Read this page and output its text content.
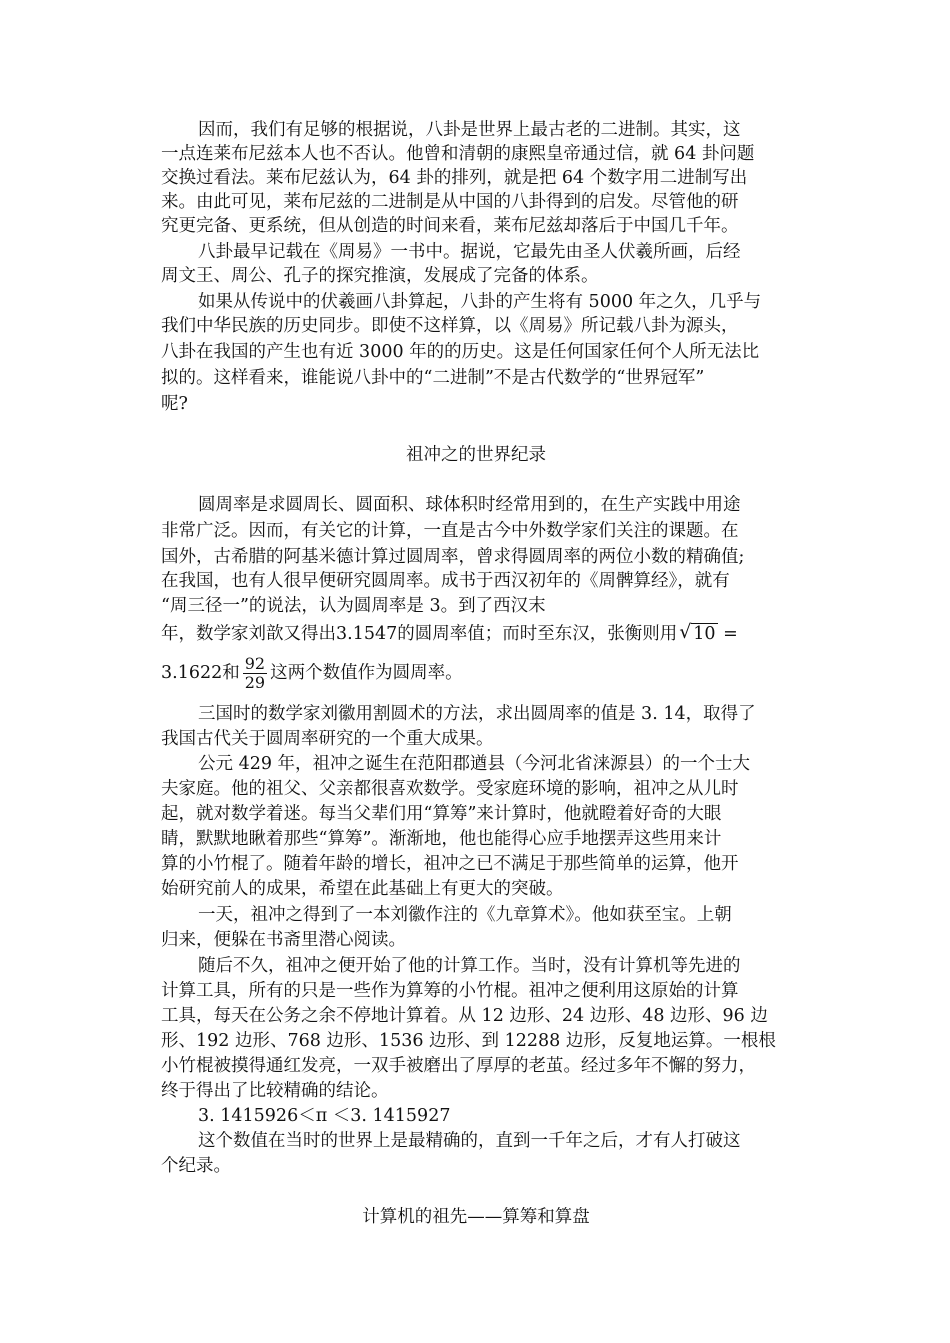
因而，我们有足够的根据说，八卦是世界上最古老的二进制。其实，这
一点连莱布尼兹本人也不否认。他曾和清朝的康熙皇帝通过信，就 64 卦问题
交换过看法。莱布尼兹认为，64 卦的排列，就是把 64 个数字用二进制写出
来。由此可见，莱布尼兹的二进制是从中国的八卦得到的启发。尽管他的研
究更完备、更系统，但从创造的时间来看，莱布尼兹却落后于中国几千年。
八卦最早记载在《周易》一书中。据说，它最先由圣人伏羲所画，后经
周文王、周公、孔子的探究推演，发展成了完备的体系。
如果从传说中的伏羲画八卦算起，八卦的产生将有 5000 年之久，几乎与
我们中华民族的历史同步。即使不这样算，以《周易》所记载八卦为源头，
八卦在我国的产生也有近 3000 年的的历史。这是任何国家任何个人所无法比
拟的。这样看来，谁能说八卦中的“二进制”不是古代数学的“世界冠军”
呢?
祖冲之的世界纪录
圆周率是求圆周长、圆面积、球体积时经常用到的，在生产实践中用途
非常广泛。因而，有关它的计算，一直是古今中外数学家们关注的课题。在
国外，古希腊的阿基米德计算过圆周率，曾求得圆周率的两位小数的精确值;
在我国，也有人很早便研究圆周率。成书于西汉初年的《周髀算经》，就有
“周三径一”的说法，认为圆周率是 3。到了西汉末
年，数学家刘歆又得出3.1547的圆周率值；而时至东汉，张衡则用 √ 10 =
3.1622和 $\frac{92}{29}$ 这两个数值作为圆周率。
三国时的数学家刘徽用割圆术的方法，求出圆周率的值是 3. 14，取得了
我国古代关于圆周率研究的一个重大成果。
公元 429 年，祖冲之诞生在范阳郡遒县（今河北省涞源县）的一个士大
夫家庭。他的祖父、父亲都很喜欢数学。受家庭环境的影响，祖冲之从儿时
起，就对数学着迷。每当父辈们用“算筹”来计算时，他就瞪着好奇的大眼
睛，默默地瞅着那些“算筹”。渐渐地，他也能得心应手地摆弄这些用来计
算的小竹棍了。随着年龄的增长，祖冲之已不满足于那些简单的运算，他开
始研究前人的成果，希望在此基础上有更大的突破。
一天，祖冲之得到了一本刘徽作注的《九章算术》。他如获至宝。上朝
归来，便躲在书斋里潜心阅读。
随后不久，祖冲之便开始了他的计算工作。当时，没有计算机等先进的
计算工具，所有的只是一些作为算筹的小竹棍。祖冲之便利用这原始的计算
工具，每天在公务之余不停地计算着。从 12 边形、24 边形、48 边形、96 边
形、192 边形、768 边形、1536 边形、到 12288 边形，反复地运算。一根根
小竹棍被摸得通红发亮，一双手被磨出了厚厚的老茧。经过多年不懈的努力，
终于得出了比较精确的结论。
3. 1415926＜π ＜3. 1415927
这个数值在当时的世界上是最精确的，直到一千年之后，才有人打破这
个纪录。
计算机的祖先——算筹和算盘
